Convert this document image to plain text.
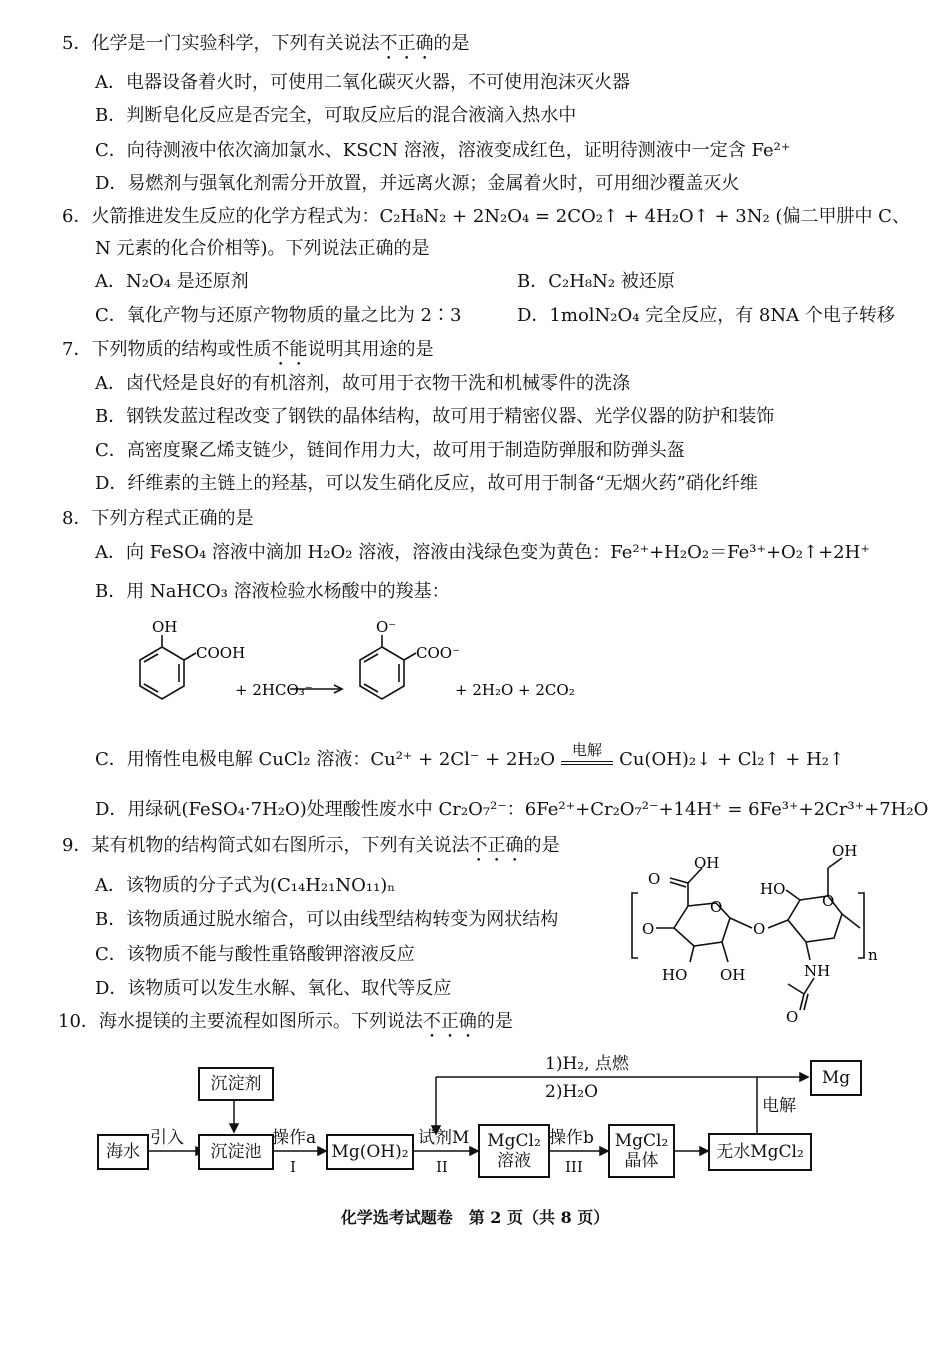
5．化学是一门实验科学，下列有关说法不正确的是
A．电器设备着火时，可使用二氧化碳灭火器，不可使用泡沫灭火器
B．判断皂化反应是否完全，可取反应后的混合液滴入热水中
C．向待测液中依次滴加氯水、KSCN 溶液，溶液变成红色，证明待测液中一定含 Fe²⁺
D．易燃剂与强氧化剂需分开放置，并远离火源；金属着火时，可用细沙覆盖灭火
6．火箭推进发生反应的化学方程式为：C₂H₈N₂ + 2N₂O₄ = 2CO₂↑ + 4H₂O↑ + 3N₂ (偏二甲肼中 C、
N 元素的化合价相等)。下列说法正确的是
A．N₂O₄ 是还原剂	B．C₂H₈N₂ 被还原
C．氧化产物与还原产物物质的量之比为 2∶3	D．1molN₂O₄ 完全反应，有 8NA 个电子转移
7．下列物质的结构或性质不能说明其用途的是
A．卤代烃是良好的有机溶剂，故可用于衣物干洗和机械零件的洗涤
B．钢铁发蓝过程改变了钢铁的晶体结构，故可用于精密仪器、光学仪器的防护和装饰
C．高密度聚乙烯支链少，链间作用力大，故可用于制造防弹服和防弹头盔
D．纤维素的主链上的羟基，可以发生硝化反应，故可用于制备“无烟火药”硝化纤维
8．下列方程式正确的是
A．向 FeSO₄ 溶液中滴加 H₂O₂ 溶液，溶液由浅绿色变为黄色：Fe²⁺+H₂O₂＝Fe³⁺+O₂↑+2H⁺
B．用 NaHCO₃ 溶液检验水杨酸中的羧基：
OH
COOH
+ 2HCO₃⁻
O⁻
COO⁻
+ 2H₂O + 2CO₂
C．用惰性电极电解 CuCl₂ 溶液：Cu²⁺ + 2Cl⁻ + 2H₂O	电解 Cu(OH)₂↓ + Cl₂↑ + H₂↑
D．用绿矾(FeSO₄·7H₂O)处理酸性废水中 Cr₂O₇²⁻：6Fe²⁺+Cr₂O₇²⁻+14H⁺ = 6Fe³⁺+2Cr³⁺+7H₂O
9．某有机物的结构简式如右图所示，下列有关说法不正确的是
A．该物质的分子式为(C₁₄H₂₁NO₁₁)ₙ
B．该物质通过脱水缩合，可以由线型结构转变为网状结构
C．该物质不能与酸性重铬酸钾溶液反应
D．该物质可以发生水解、氧化、取代等反应
O
OH
O
O
O
HO OH
HO
OH
O
NH
O
n
10．海水提镁的主要流程如图所示。下列说法不正确的是
沉淀剂
海水	沉淀池	Mg(OH)₂
MgCl₂
溶液
MgCl₂
晶体	无水MgCl₂
Mg
引入	操作a
I
试剂M
II
操作b
III
电解
1)H₂, 点燃
2)H₂O
化学选考试题卷　第 2 页（共 8 页）
